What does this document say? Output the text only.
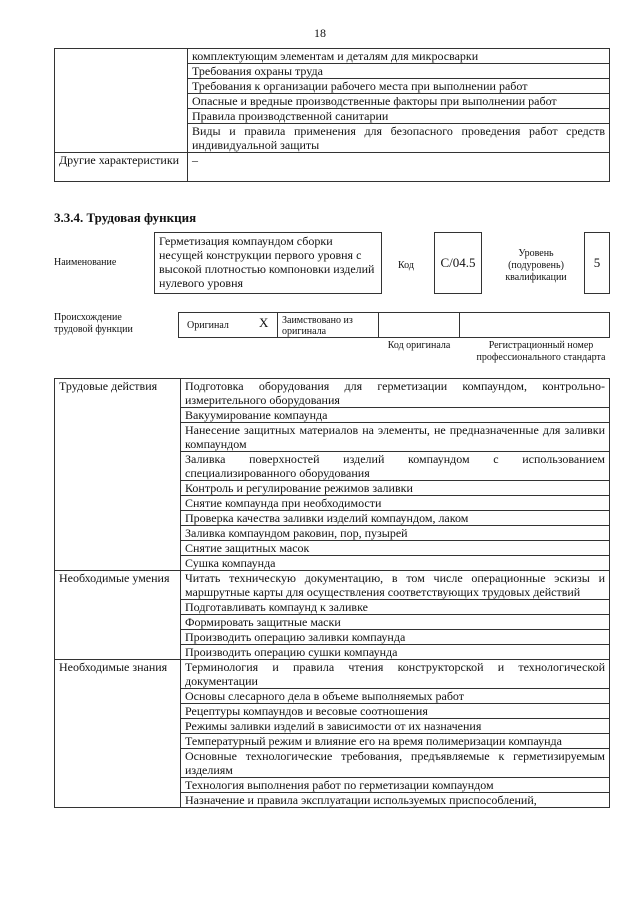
18
	комплектующим элементам и деталям для микросварки
	Требования охраны труда
	Требования к организации рабочего места при выполнении работ
	Опасные и вредные производственные факторы при выполнении работ
	Правила производственной санитарии
	Виды и правила применения для безопасного проведения работ средств индивидуальной защиты
Другие характеристики	–
3.3.4. Трудовая функция
Наименование
Герметизация компаундом сборки несущей конструкции первого уровня с высокой плотностью компоновки изделий нулевого уровня
Код	C/04.5
Уровень (подуровень) квалификации
5
Происхождение трудовой функции	Оригинал X	Заимствовано из оригинала
Код оригинала	Регистрационный номер профессионального стандарта
Трудовые действия	Подготовка оборудования для герметизации компаундом, контрольно-измерительного оборудования
	Вакуумирование компаунда
	Нанесение защитных материалов на элементы, не предназначенные для заливки компаундом
	Заливка поверхностей изделий компаундом с использованием специализированного оборудования
	Контроль и регулирование режимов заливки
	Снятие компаунда при необходимости
	Проверка качества заливки изделий компаундом, лаком
	Заливка компаундом раковин, пор, пузырей
	Снятие защитных масок
	Сушка компаунда
Необходимые умения	Читать техническую документацию, в том числе операционные эскизы и маршрутные карты для осуществления соответствующих трудовых действий
	Подготавливать компаунд к заливке
	Формировать защитные маски
	Производить операцию заливки компаунда
	Производить операцию сушки компаунда
Необходимые знания	Терминология и правила чтения конструкторской и технологической документации
	Основы слесарного дела в объеме выполняемых работ
	Рецептуры компаундов и весовые соотношения
	Режимы заливки изделий в зависимости от их назначения
	Температурный режим и влияние его на время полимеризации компаунда
	Основные технологические требования, предъявляемые к герметизируемым изделиям
	Технология выполнения работ по герметизации компаундом
	Назначение и правила эксплуатации используемых приспособлений,
